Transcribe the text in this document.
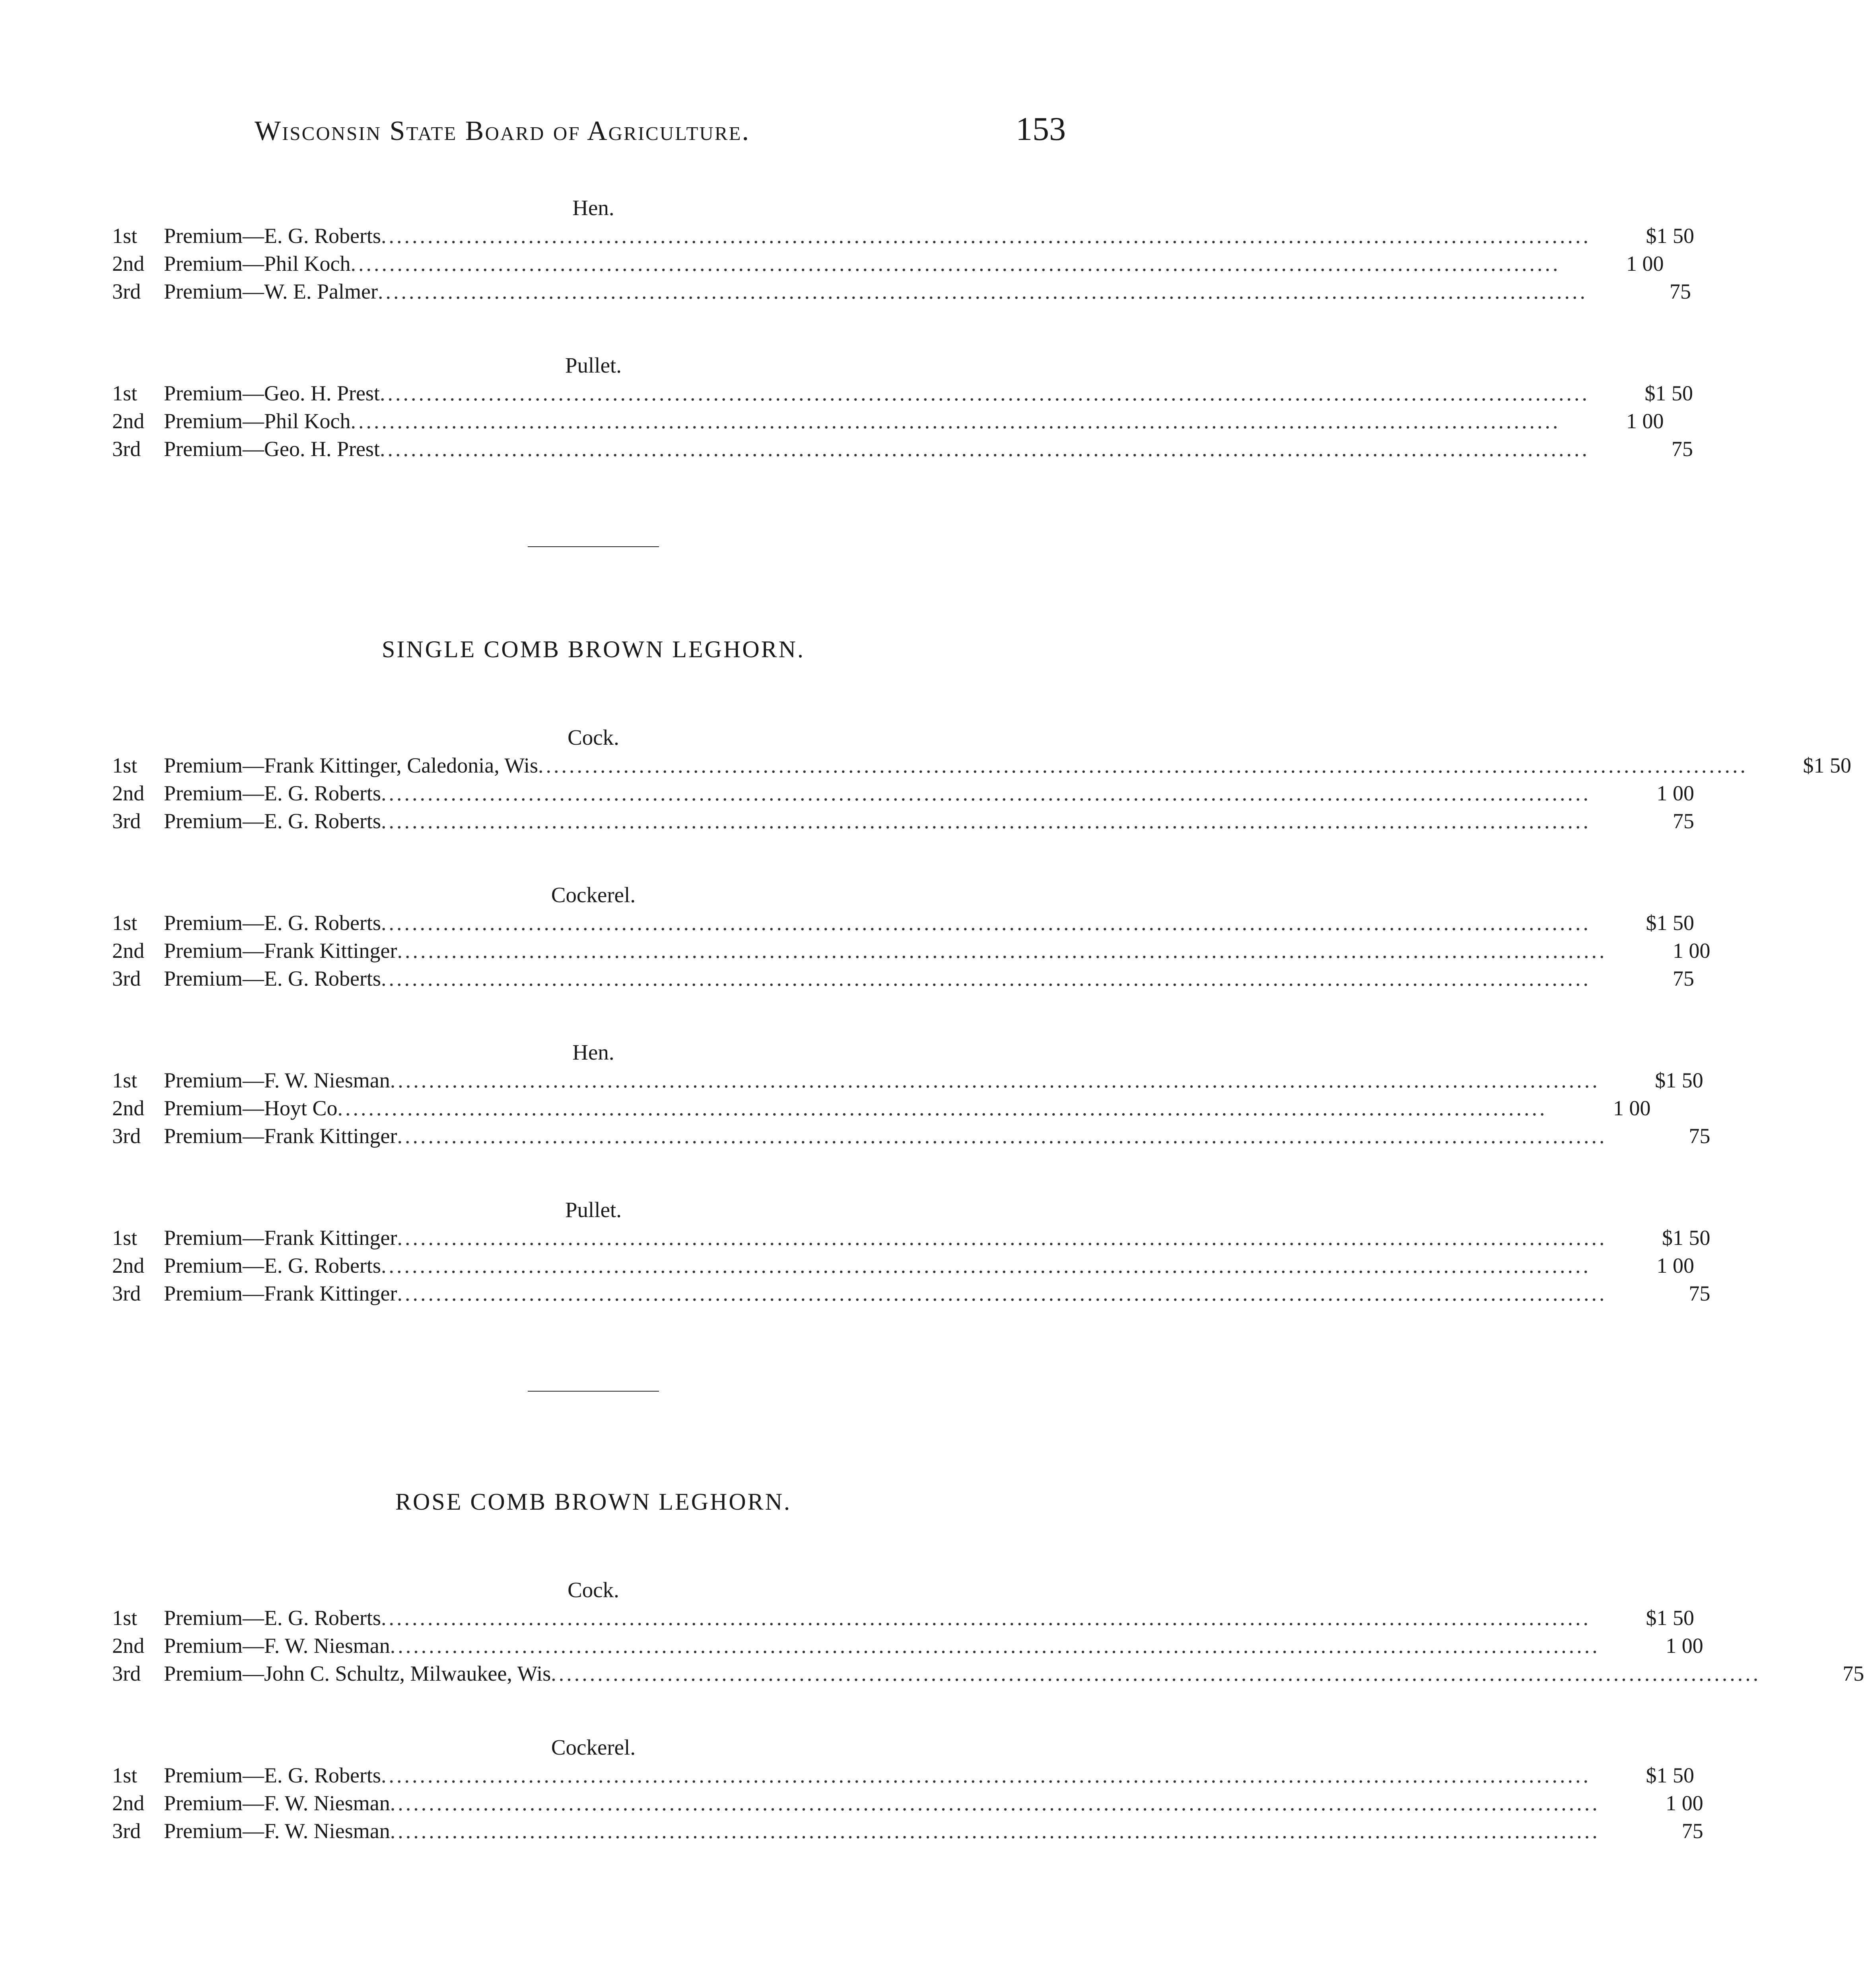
Wisconsin State Board of Agriculture.	153
Hen.
1st	Premium—E. G. Roberts ............................................................................................................................................................	$1 50
2nd Premium—Phil Koch ............................................................................................................................................................	1 00
3rd	Premium—W. E. Palmer ............................................................................................................................................................	75
Pullet.
1st	Premium—Geo. H. Prest ............................................................................................................................................................	$1 50
2nd Premium—Phil Koch ............................................................................................................................................................	1 00
3rd	Premium—Geo. H. Prest ............................................................................................................................................................	75
SINGLE COMB BROWN LEGHORN.
Cock.
1st	Premium—Frank Kittinger, Caledonia, Wis ............................................................................................................................................................	$1 50
2nd Premium—E. G. Roberts ............................................................................................................................................................	1 00
3rd	Premium—E. G. Roberts ............................................................................................................................................................	75
Cockerel.
1st	Premium—E. G. Roberts ............................................................................................................................................................	$1 50
2nd Premium—Frank Kittinger ............................................................................................................................................................	1 00
3rd	Premium—E. G. Roberts ............................................................................................................................................................	75
Hen.
1st	Premium—F. W. Niesman ............................................................................................................................................................	$1 50
2nd Premium—Hoyt Co ............................................................................................................................................................	1 00
3rd	Premium—Frank Kittinger ............................................................................................................................................................	75
Pullet.
1st	Premium—Frank Kittinger ............................................................................................................................................................	$1 50
2nd Premium—E. G. Roberts ............................................................................................................................................................	1 00
3rd	Premium—Frank Kittinger ............................................................................................................................................................	75
ROSE COMB BROWN LEGHORN.
Cock.
1st	Premium—E. G. Roberts ............................................................................................................................................................	$1 50
2nd Premium—F. W. Niesman ............................................................................................................................................................	1 00
3rd	Premium—John C. Schultz, Milwaukee, Wis ............................................................................................................................................................	75
Cockerel.
1st	Premium—E. G. Roberts ............................................................................................................................................................	$1 50
2nd Premium—F. W. Niesman ............................................................................................................................................................	1 00
3rd	Premium—F. W. Niesman ............................................................................................................................................................	75
